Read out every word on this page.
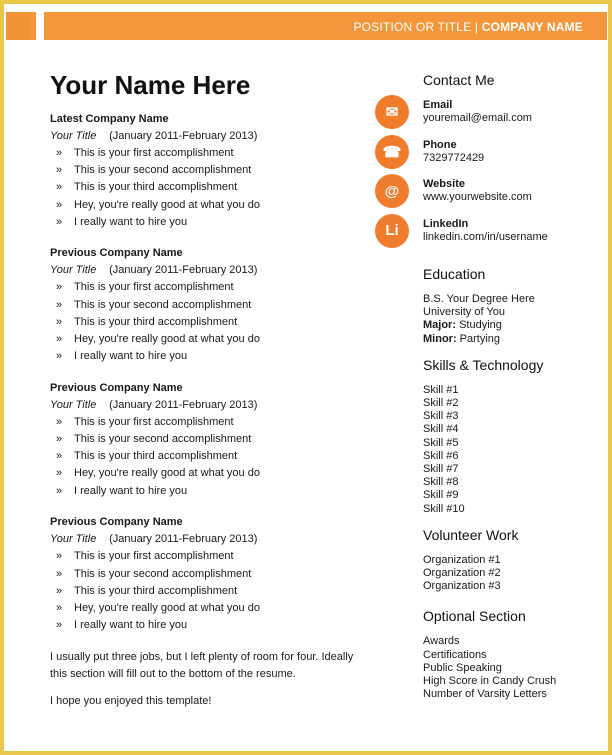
POSITION OR TITLE | COMPANY NAME
Your Name Here
Latest Company Name
Your Title (January 2011-February 2013)
» This is your first accomplishment
» This is your second accomplishment
» This is your third accomplishment
» Hey, you're really good at what you do
» I really want to hire you
Previous Company Name
Your Title (January 2011-February 2013)
» This is your first accomplishment
» This is your second accomplishment
» This is your third accomplishment
» Hey, you're really good at what you do
» I really want to hire you
Previous Company Name
Your Title (January 2011-February 2013)
» This is your first accomplishment
» This is your second accomplishment
» This is your third accomplishment
» Hey, you're really good at what you do
» I really want to hire you
Previous Company Name
Your Title (January 2011-February 2013)
» This is your first accomplishment
» This is your second accomplishment
» This is your third accomplishment
» Hey, you're really good at what you do
» I really want to hire you
I usually put three jobs, but I left plenty of room for four. Ideally
this section will fill out to the bottom of the resume.
I hope you enjoyed this template!
Contact Me
✉	Email
youremail@email.com
☎	Phone
7329772429
@	Website
www.yourwebsite.com
Li	LinkedIn
linkedin.com/in/username
Education
B.S. Your Degree Here
University of You
Major: Studying
Minor: Partying
Skills & Technology
Skill #1
Skill #2
Skill #3
Skill #4
Skill #5
Skill #6
Skill #7
Skill #8
Skill #9
Skill #10
Volunteer Work
Organization #1
Organization #2
Organization #3
Optional Section
Awards
Certifications
Public Speaking
High Score in Candy Crush
Number of Varsity Letters
